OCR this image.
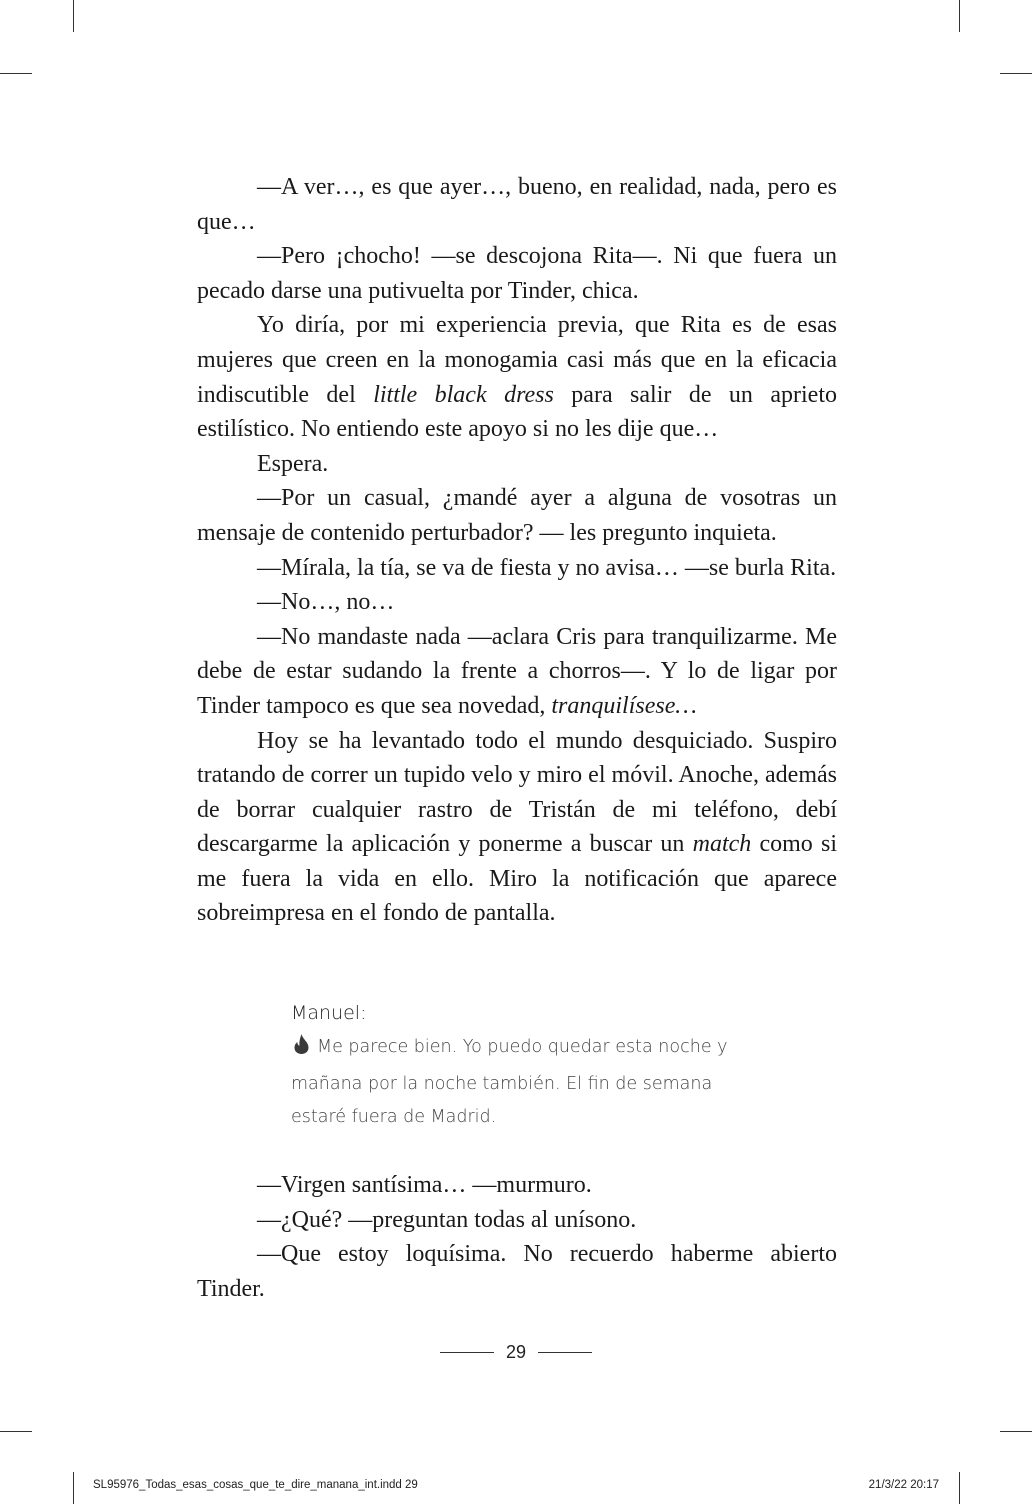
—A ver…, es que ayer…, bueno, en realidad, nada, pero es que…

—Pero ¡chocho! —se descojona Rita—. Ni que fuera un pecado darse una putivuelta por Tinder, chica.

Yo diría, por mi experiencia previa, que Rita es de esas mujeres que creen en la monogamia casi más que en la eficacia indiscutible del little black dress para salir de un aprieto estilístico. No entiendo este apoyo si no les dije que…

Espera.

—Por un casual, ¿mandé ayer a alguna de vosotras un mensaje de contenido perturbador? — les pregunto inquieta.

—Mírala, la tía, se va de fiesta y no avisa… —se burla Rita.

—No…, no…

—No mandaste nada —aclara Cris para tranquilizarme. Me debe de estar sudando la frente a chorros—. Y lo de ligar por Tinder tampoco es que sea novedad, tranquilísese…

Hoy se ha levantado todo el mundo desquiciado. Suspiro tratando de correr un tupido velo y miro el móvil. Anoche, además de borrar cualquier rastro de Tristán de mi teléfono, debí descargarme la aplicación y ponerme a buscar un match como si me fuera la vida en ello. Miro la notificación que aparece sobreimpresa en el fondo de pantalla.

Manuel:

Me parece bien. Yo puedo quedar esta noche y mañana por la noche también. El fin de semana estaré fuera de Madrid.

—Virgen santísima… —murmuro.

—¿Qué? —preguntan todas al unísono.

—Que estoy loquísima. No recuerdo haberme abierto Tinder.

29
SL95976_Todas_esas_cosas_que_te_dire_manana_int.indd 29	21/3/22 20:17
